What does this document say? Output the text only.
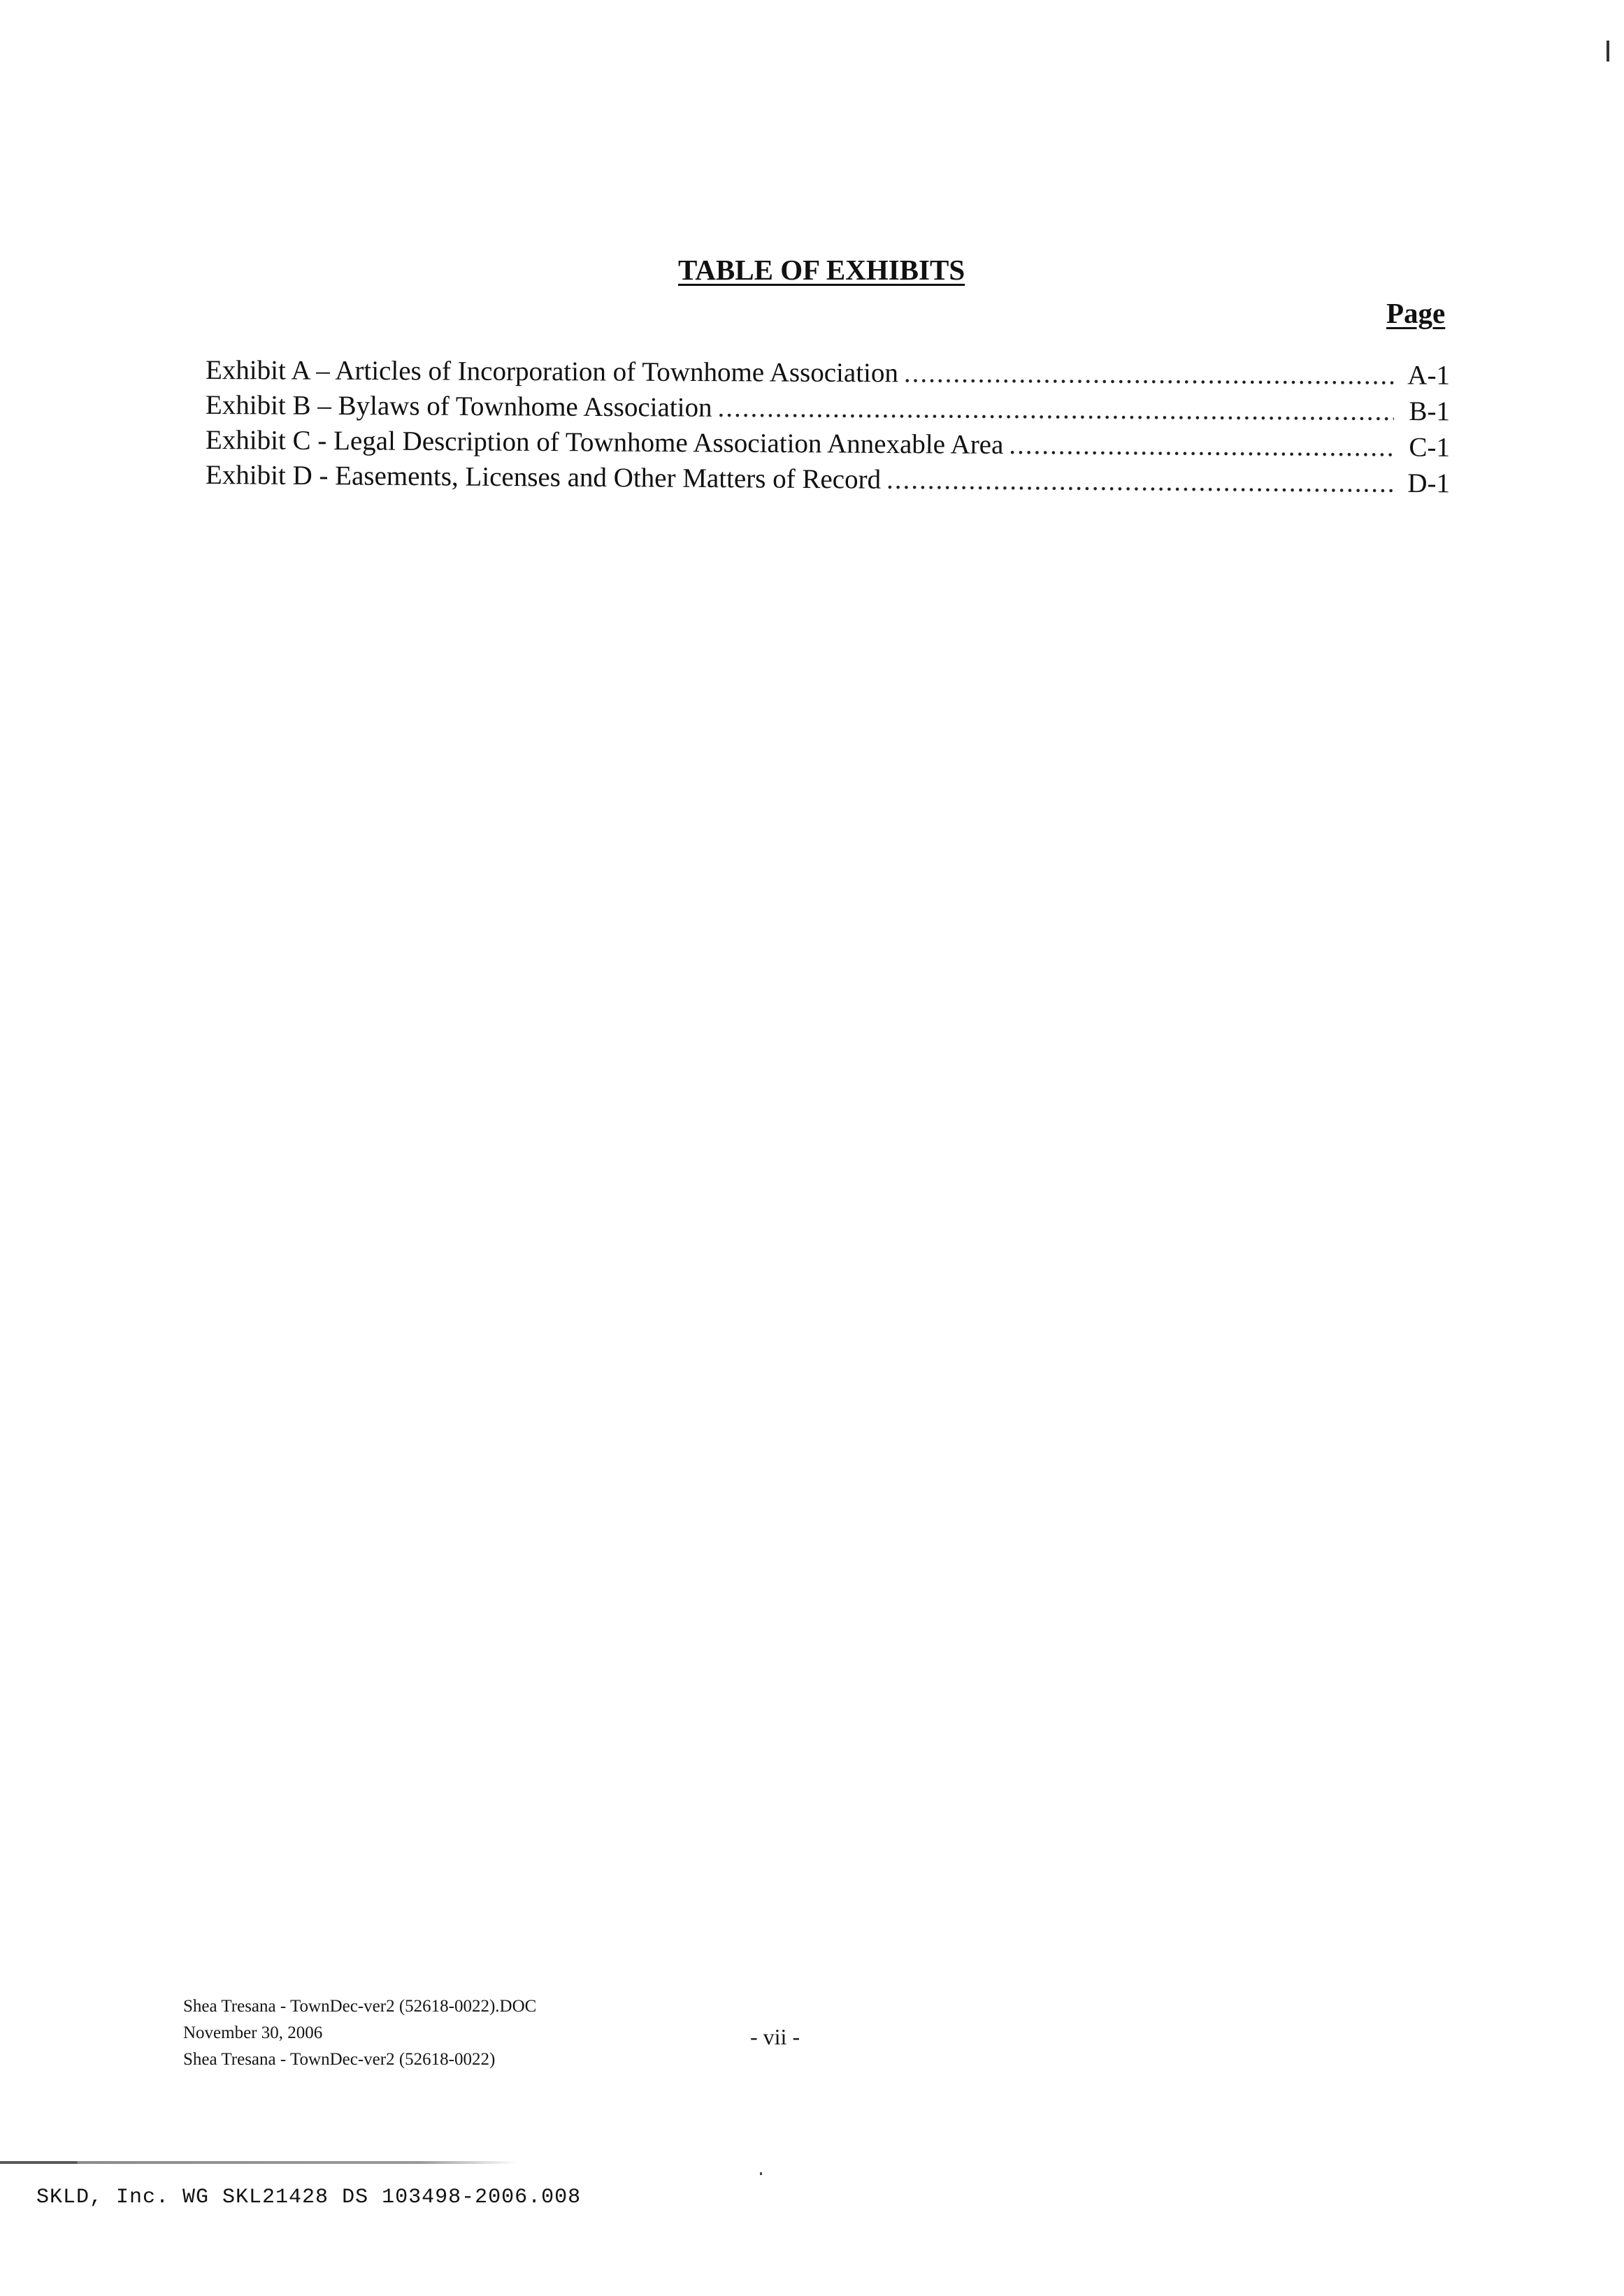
TABLE OF EXHIBITS
Page
Exhibit A – Articles of Incorporation of Townhome Association .....	A-1
Exhibit B – Bylaws of Townhome Association .....	B-1
Exhibit C - Legal Description of Townhome Association Annexable Area .....	C-1
Exhibit D - Easements, Licenses and Other Matters of Record .....	D-1
Shea Tresana - TownDec-ver2 (52618-0022).DOC
November 30, 2006
Shea Tresana - TownDec-ver2 (52618-0022)
- vii -
SKLD, Inc. WG SKL21428 DS 103498-2006.008
